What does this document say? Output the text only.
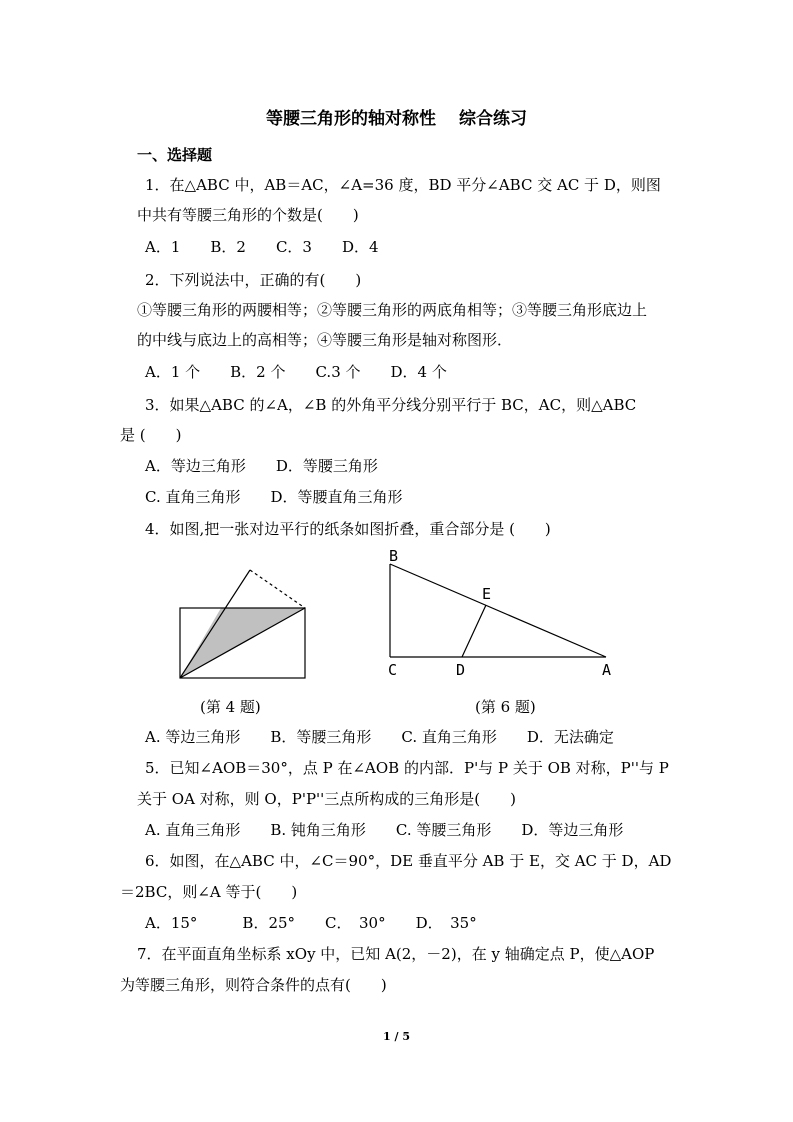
等腰三角形的轴对称性　 综合练习
一、选择题
1．在△ABC 中，AB＝AC，∠A=36 度，BD 平分∠ABC 交 AC 于 D，则图
中共有等腰三角形的个数是(　　)
A．1　　B．2　　C．3　　D．4
2．下列说法中，正确的有(　　)
①等腰三角形的两腰相等；②等腰三角形的两底角相等；③等腰三角形底边上
的中线与底边上的高相等；④等腰三角形是轴对称图形．
A．1 个　　B．2 个　　C.3 个　　D．4 个
3．如果△ABC 的∠A，∠B 的外角平分线分别平行于 BC，AC，则△ABC
是 (　　)
A．等边三角形　　D．等腰三角形
C. 直角三角形　　D．等腰直角三角形
4．如图,把一张对边平行的纸条如图折叠，重合部分是 (　　)
(第 4 题)
B
E
C	D	A
(第 6 题)
A. 等边三角形　　B．等腰三角形　　C. 直角三角形　　D．无法确定
5．已知∠AOB＝30°，点 P 在∠AOB 的内部．P'与 P 关于 OB 对称，P''与 P
关于 OA 对称，则 O，P'P''三点所构成的三角形是(　　)
A. 直角三角形　　B. 钝角三角形　　C. 等腰三角形　　D．等边三角形
6．如图，在△ABC 中，∠C＝90°，DE 垂直平分 AB 于 E，交 AC 于 D，AD
＝2BC，则∠A 等于(　　)
A．15°　　　B．25°　　C．　30°　　D．　35°
7．在平面直角坐标系 xOy 中，已知 A(2，－2)，在 y 轴确定点 P，使△AOP
为等腰三角形，则符合条件的点有(　　)
1 / 5
